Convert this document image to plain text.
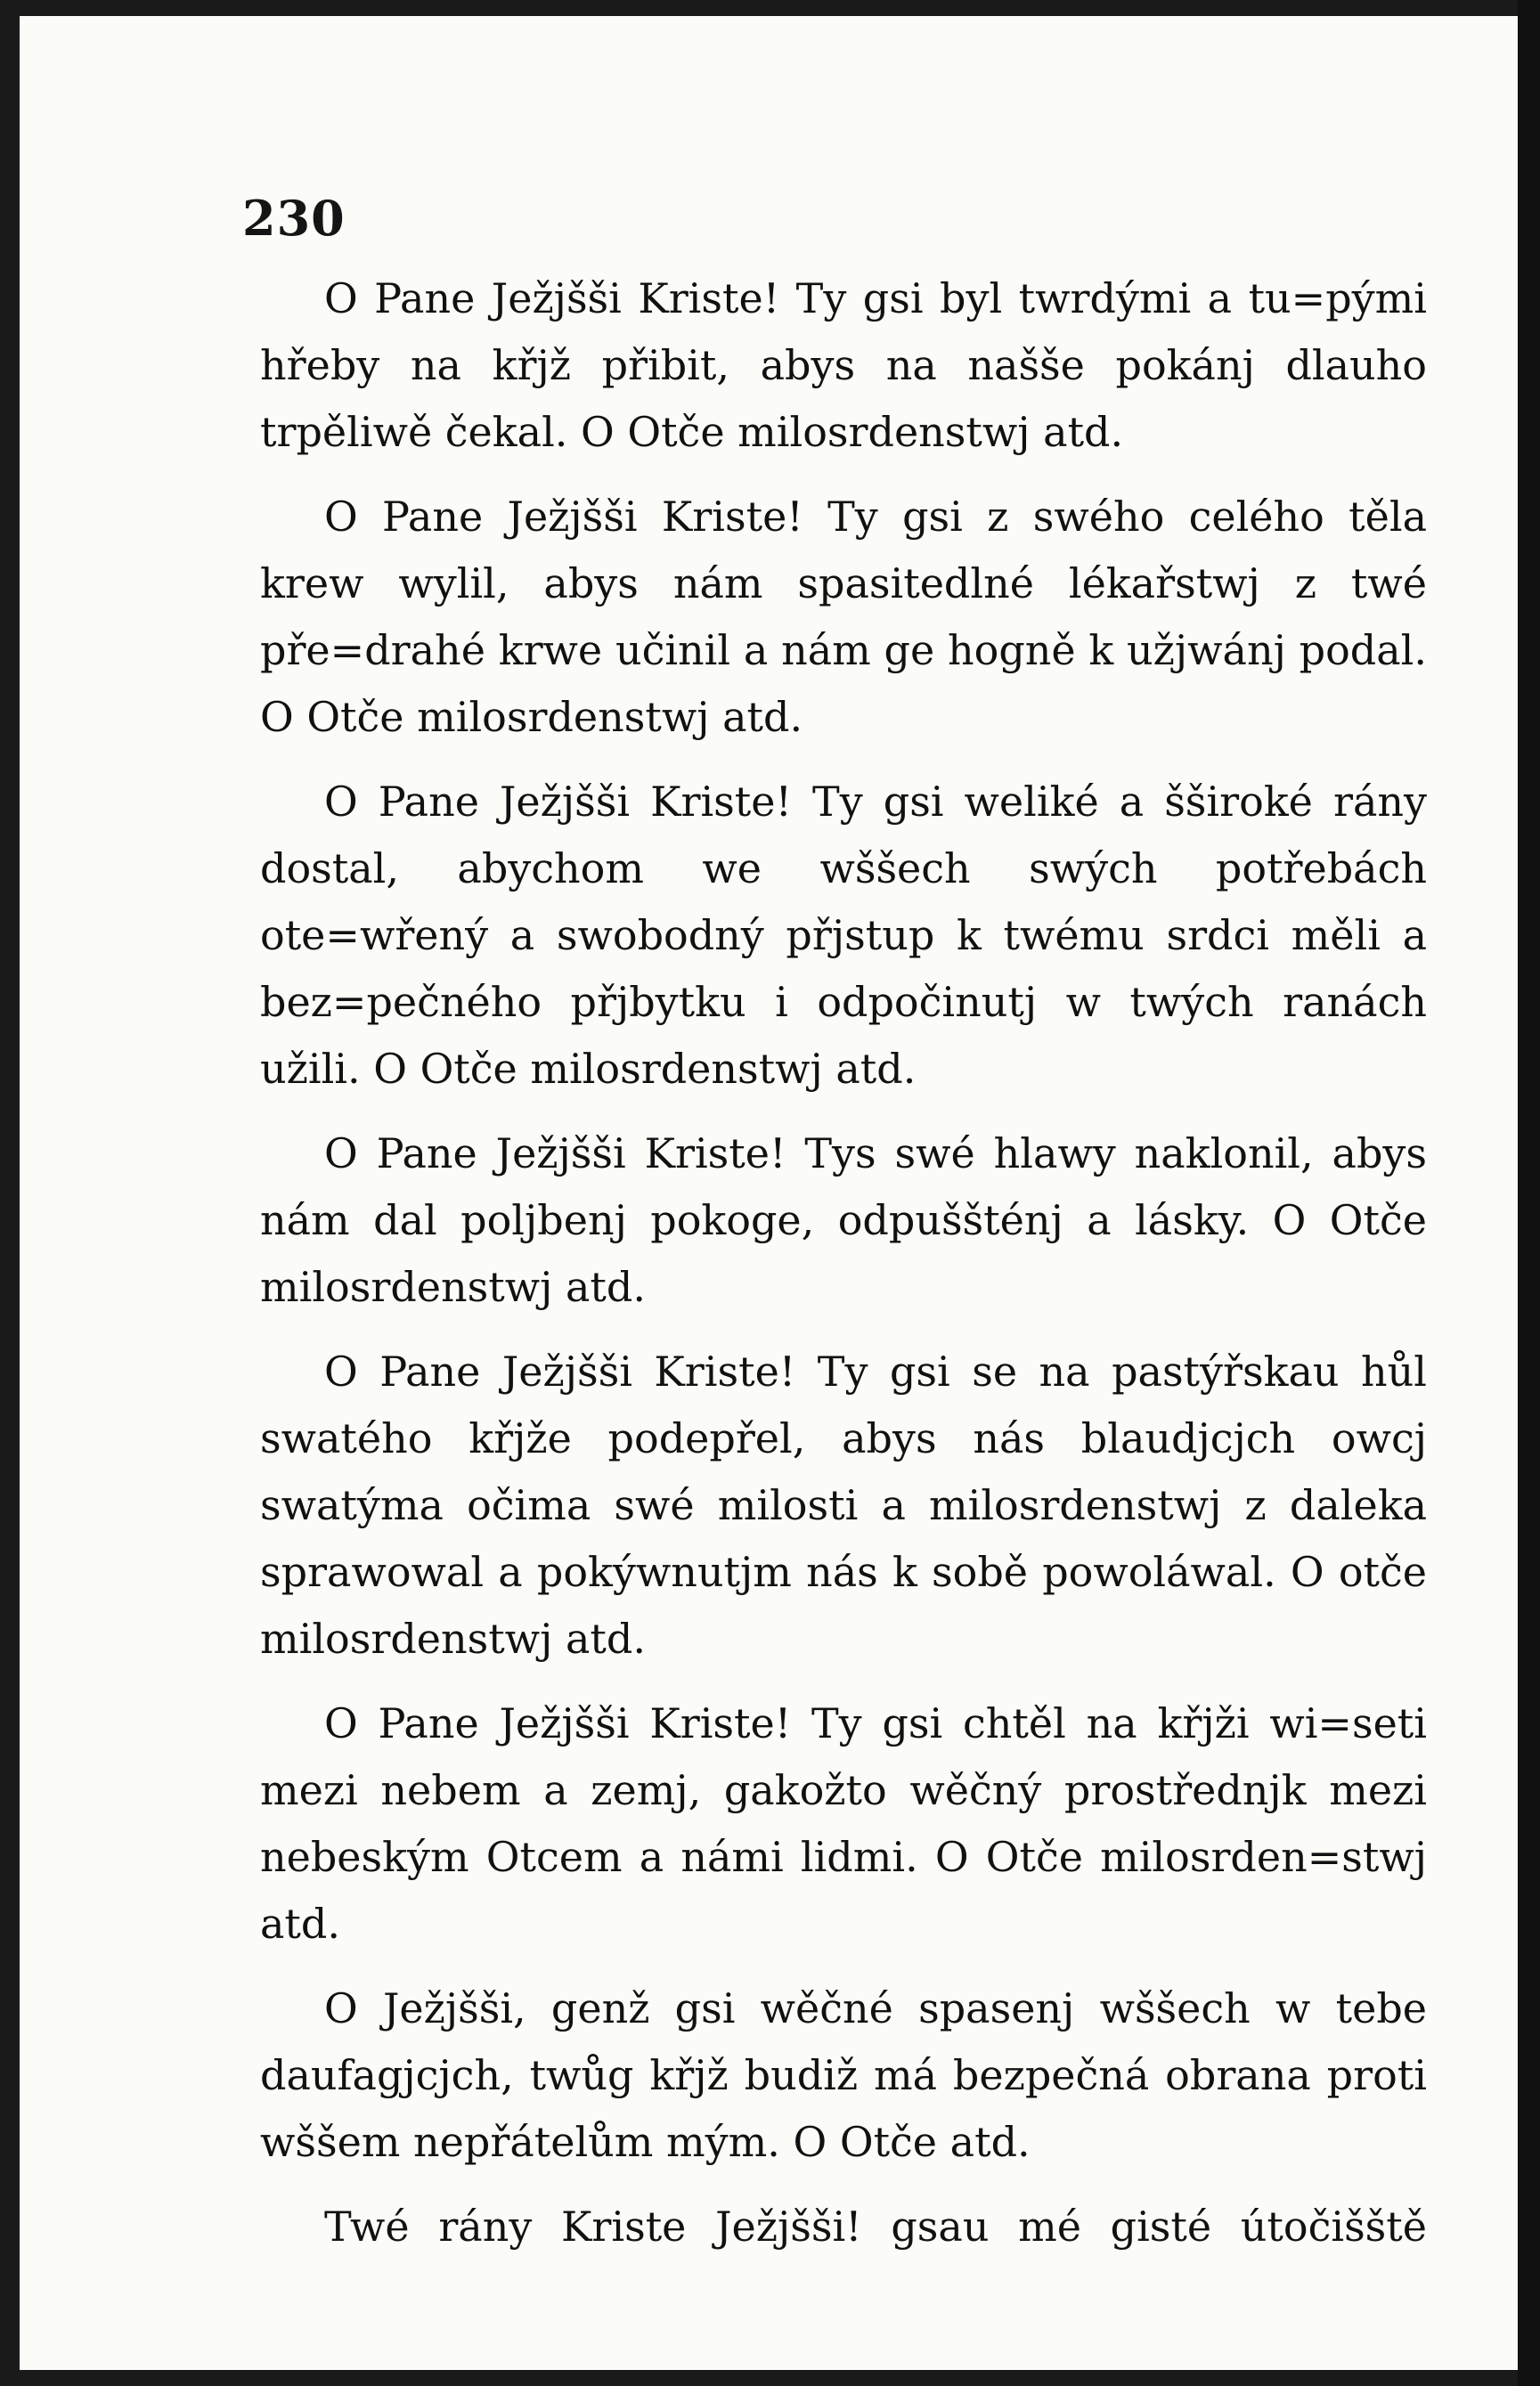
230

O Pane Ježjšši Kriste! Ty gsi byl twrdými a tu=pými hřeby na křjž přibit, abys na našše pokánj dlauho trpěliwě čekal. O Otče milosrdenstwj atd.

O Pane Ježjšši Kriste! Ty gsi z swého celého těla krew wylil, abys nám spasitedlné lékařstwj z twé pře=drahé krwe učinil a nám ge hogně k užjwánj podal. O Otče milosrdenstwj atd.

O Pane Ježjšši Kriste! Ty gsi weliké a šširoké rány dostal, abychom we wššech swých potřebách ote=wřený a swobodný přjstup k twému srdci měli a bez=pečného přjbytku i odpočinutj w twých ranách užili. O Otče milosrdenstwj atd.

O Pane Ježjšši Kriste! Tys swé hlawy naklonil, abys nám dal poljbenj pokoge, odpuššténj a lásky. O Otče milosrdenstwj atd.

O Pane Ježjšši Kriste! Ty gsi se na pastýřskau hůl swatého křjže podepřel, abys nás blaudjcjch owcj swatýma očima swé milosti a milosrdenstwj z daleka sprawowal a pokýwnutjm nás k sobě powoláwal. O otče milosrdenstwj atd.

O Pane Ježjšši Kriste! Ty gsi chtěl na křjži wi=seti mezi nebem a zemj, gakožto wěčný prostřednjk mezi nebeským Otcem a námi lidmi. O Otče milosrden=stwj atd.

O Ježjšši, genž gsi wěčné spasenj wššech w tebe daufagjcjch, twůg křjž budiž má bezpečná obrana proti wššem nepřátelům mým. O Otče atd.

Twé rány Kriste Ježjšši! gsau mé gisté útočišště
